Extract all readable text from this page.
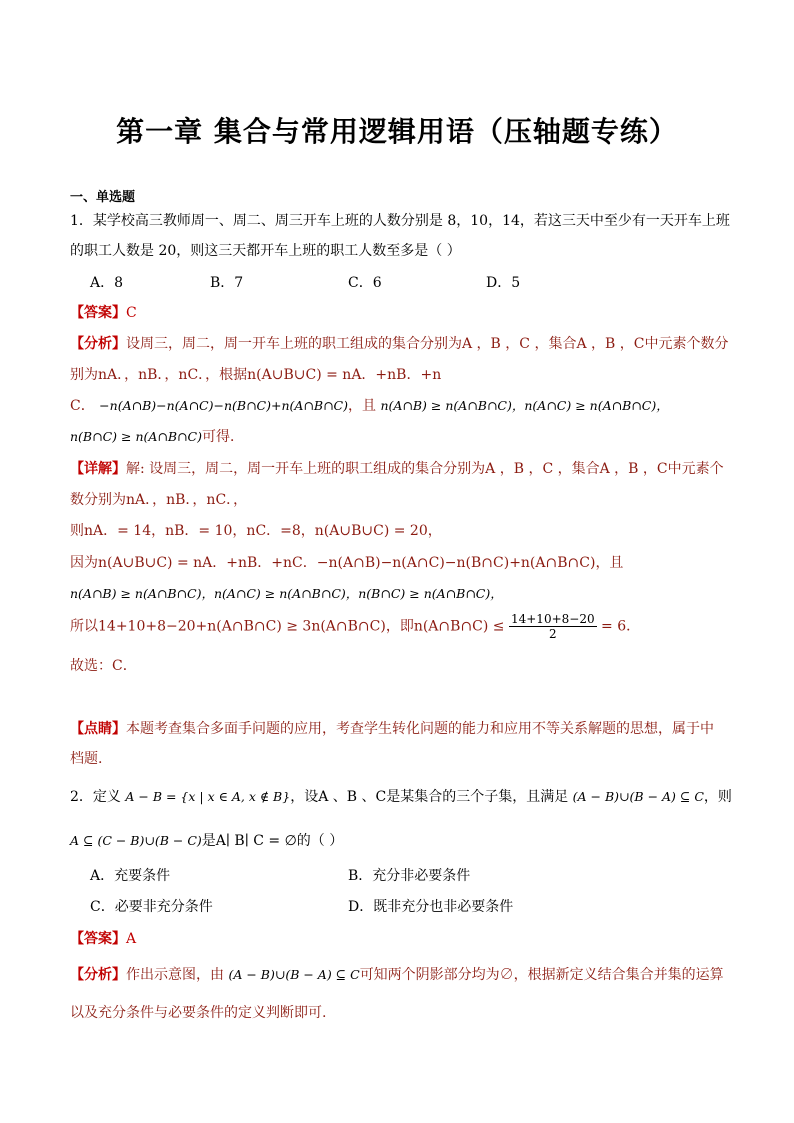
第一章 集合与常用逻辑用语（压轴题专练）
一、单选题
1．某学校高三教师周一、周二、周三开车上班的人数分别是 8，10，14，若这三天中至少有一天开车上班
的职工人数是 20，则这三天都开车上班的职工人数至多是（ ）
A．8	B．7	C．6	D．5
【答案】C
【分析】设周三，周二，周一开车上班的职工组成的集合分别为A ，B ，C ，集合A ，B ，C中元素个数分
别为nA．，nB．，nC．，根据n(A∪B∪C) = nA．+nB．+n
C． −n(A∩B)−n(A∩C)−n(B∩C)+n(A∩B∩C)，且 n(A∩B) ≥ n(A∩B∩C)，n(A∩C) ≥ n(A∩B∩C)，
n(B∩C) ≥ n(A∩B∩C)可得．
【详解】解: 设周三，周二，周一开车上班的职工组成的集合分别为A ，B ，C ，集合A ，B ，C中元素个
数分别为nA．，nB．，nC．，
则nA．= 14，nB．= 10，nC．=8，n(A∪B∪C) = 20，
因为n(A∪B∪C) = nA．+nB．+nC．−n(A∩B)−n(A∩C)−n(B∩C)+n(A∩B∩C)，且
n(A∩B) ≥ n(A∩B∩C)，n(A∩C) ≥ n(A∩B∩C)，n(B∩C) ≥ n(A∩B∩C)，
所以14+10+8−20+n(A∩B∩C) ≥ 3n(A∩B∩C)，即n(A∩B∩C) ≤ $\frac{14+10+8-20}{2} = 6$．
故选：C．
【点睛】本题考查集合多面手问题的应用，考查学生转化问题的能力和应用不等关系解题的思想，属于中
档题.
2．定义 A − B = {x | x ∈ A, x ∉ B}，设A 、B 、C是某集合的三个子集，且满足 (A − B)∪(B − A) ⊆ C，则
A ⊆ (C − B)∪(B − C)是A∣ B∣ C = ∅的（ ）
A．充要条件	B．充分非必要条件
C．必要非充分条件	D．既非充分也非必要条件
【答案】A
【分析】作出示意图，由 (A − B)∪(B − A) ⊆ C可知两个阴影部分均为∅，根据新定义结合集合并集的运算
以及充分条件与必要条件的定义判断即可.
